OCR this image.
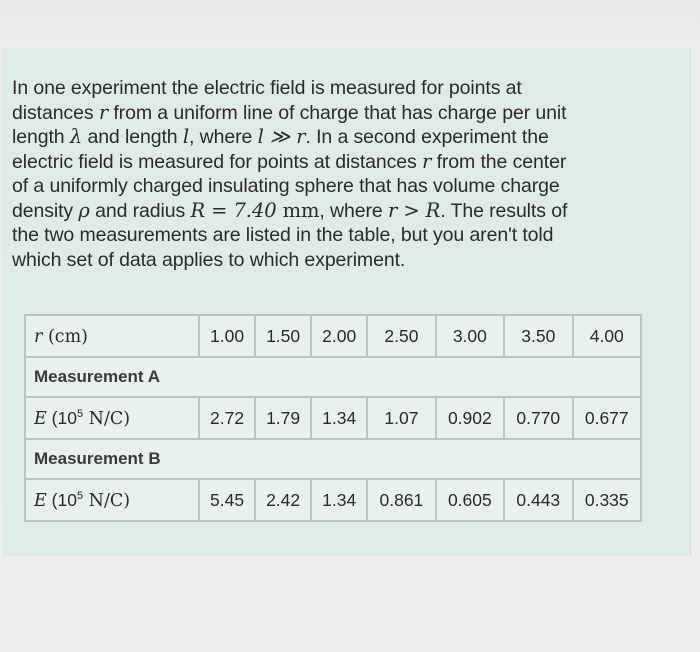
In one experiment the electric field is measured for points at
distances r from a uniform line of charge that has charge per unit
length λ and length l, where l ≫ r. In a second experiment the
electric field is measured for points at distances r from the center
of a uniformly charged insulating sphere that has volume charge
density ρ and radius R = 7.40 mm, where r > R. The results of
the two measurements are listed in the table, but you aren't told
which set of data applies to which experiment.
r (cm)	1.00	1.50	2.00	2.50	3.00	3.50	4.00
Measurement A							
E ($10^5$ N/C)	2.72	1.79	1.34	1.07	0.902	0.770	0.677
Measurement B							
E ($10^5$ N/C)	5.45	2.42	1.34	0.861	0.605	0.443	0.335
